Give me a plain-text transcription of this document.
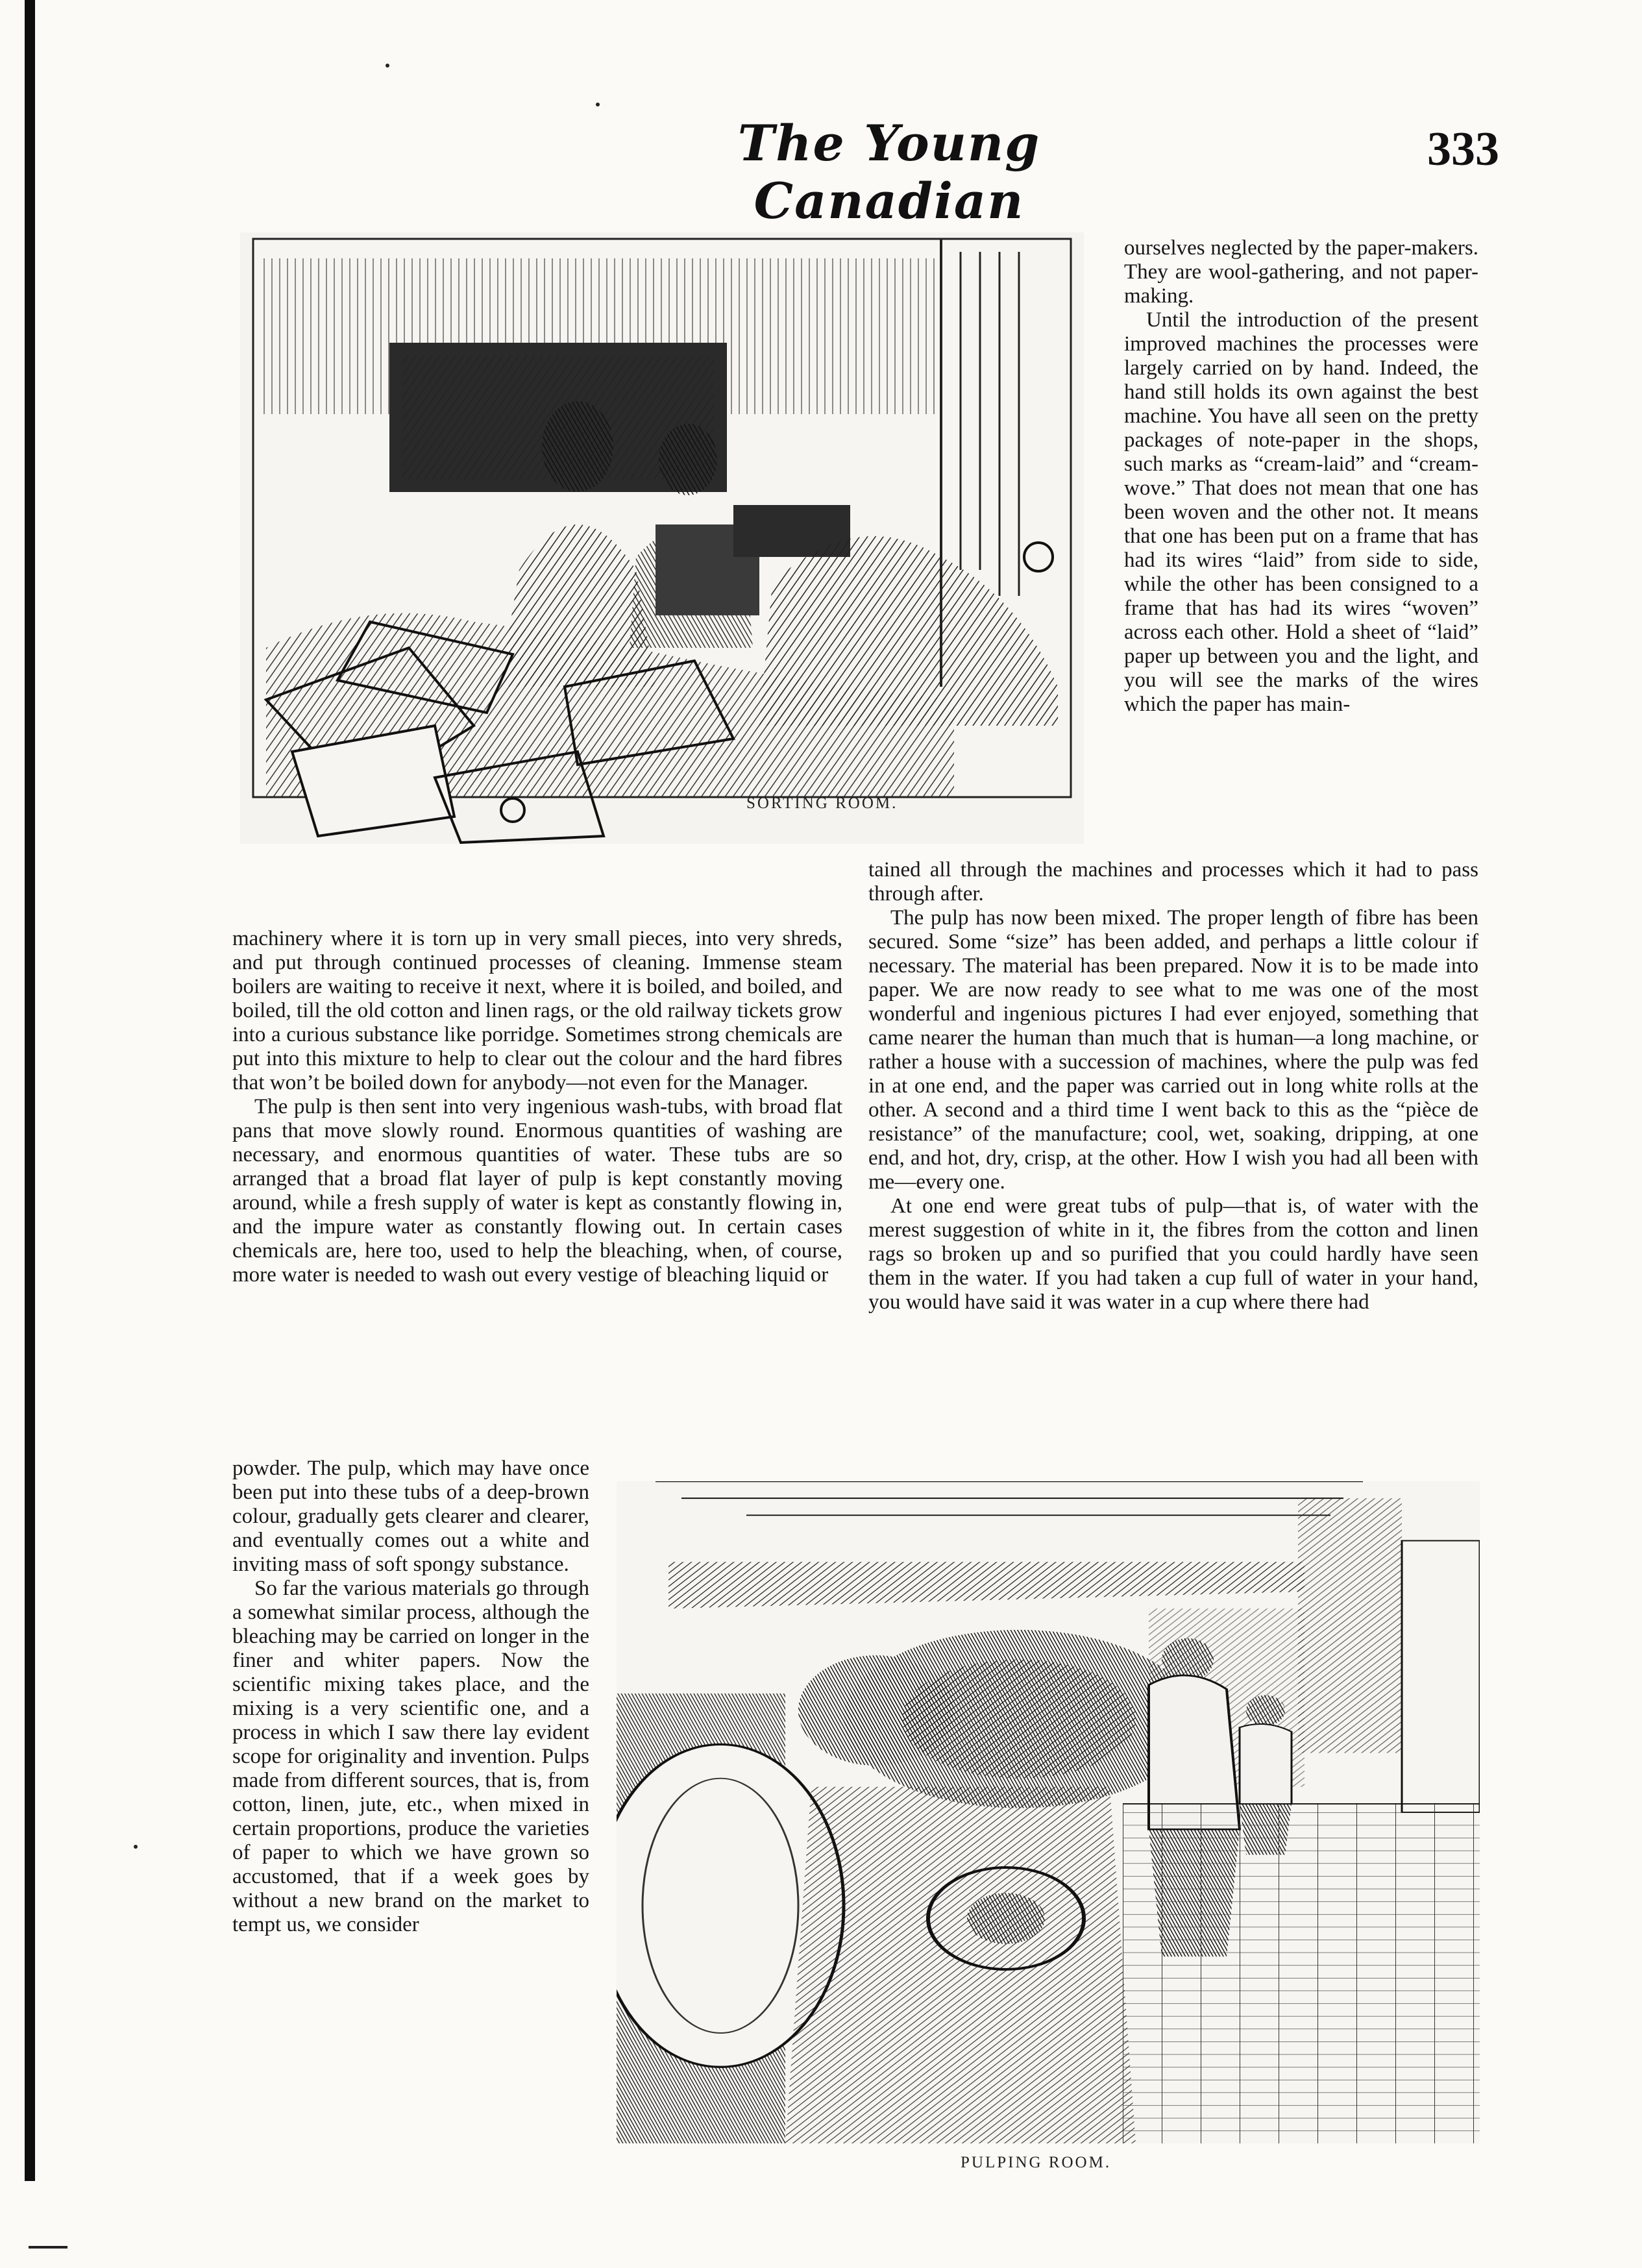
The Young Canadian
333
SORTING ROOM.

ourselves neglected by the paper-makers. They are wool-gathering, and not paper-making.

Until the introduction of the present improved machines the processes were largely carried on by hand. Indeed, the hand still holds its own against the best machine. You have all seen on the pretty packages of note-paper in the shops, such marks as “cream-laid” and “cream-wove.” That does not mean that one has been woven and the other not. It means that one has been put on a frame that has had its wires “laid” from side to side, while the other has been consigned to a frame that has had its wires “woven” across each other. Hold a sheet of “laid” paper up between you and the light, and you will see the marks of the wires which the paper has main-

tained all through the machines and processes which it had to pass through after.

The pulp has now been mixed. The proper length of fibre has been secured. Some “size” has been added, and perhaps a little colour if necessary. The material has been prepared. Now it is to be made into paper. We are now ready to see what to me was one of the most wonderful and ingenious pictures I had ever enjoyed, something that came nearer the human than much that is human—a long machine, or rather a house with a succession of machines, where the pulp was fed in at one end, and the paper was carried out in long white rolls at the other. A second and a third time I went back to this as the “pièce de resistance” of the manufacture; cool, wet, soaking, dripping, at one end, and hot, dry, crisp, at the other. How I wish you had all been with me—every one.

At one end were great tubs of pulp—that is, of water with the merest suggestion of white in it, the fibres from the cotton and linen rags so broken up and so purified that you could hardly have seen them in the water. If you had taken a cup full of water in your hand, you would have said it was water in a cup where there had

machinery where it is torn up in very small pieces, into very shreds, and put through continued processes of cleaning. Immense steam boilers are waiting to receive it next, where it is boiled, and boiled, and boiled, till the old cotton and linen rags, or the old railway tickets grow into a curious substance like porridge. Sometimes strong chemicals are put into this mixture to help to clear out the colour and the hard fibres that won’t be boiled down for anybody—not even for the Manager.

The pulp is then sent into very ingenious wash-tubs, with broad flat pans that move slowly round. Enormous quantities of washing are necessary, and enormous quantities of water. These tubs are so arranged that a broad flat layer of pulp is kept constantly moving around, while a fresh supply of water is kept as constantly flowing in, and the impure water as constantly flowing out. In certain cases chemicals are, here too, used to help the bleaching, when, of course, more water is needed to wash out every vestige of bleaching liquid or

powder. The pulp, which may have once been put into these tubs of a deep-brown colour, gradually gets clearer and clearer, and eventually comes out a white and inviting mass of soft spongy substance.

So far the various materials go through a somewhat similar process, although the bleaching may be carried on longer in the finer and whiter papers. Now the scientific mixing takes place, and the mixing is a very scientific one, and a process in which I saw there lay evident scope for originality and invention. Pulps made from different sources, that is, from cotton, linen, jute, etc., when mixed in certain proportions, produce the varieties of paper to which we have grown so accustomed, that if a week goes by without a new brand on the market to tempt us, we consider

PULPING ROOM.
